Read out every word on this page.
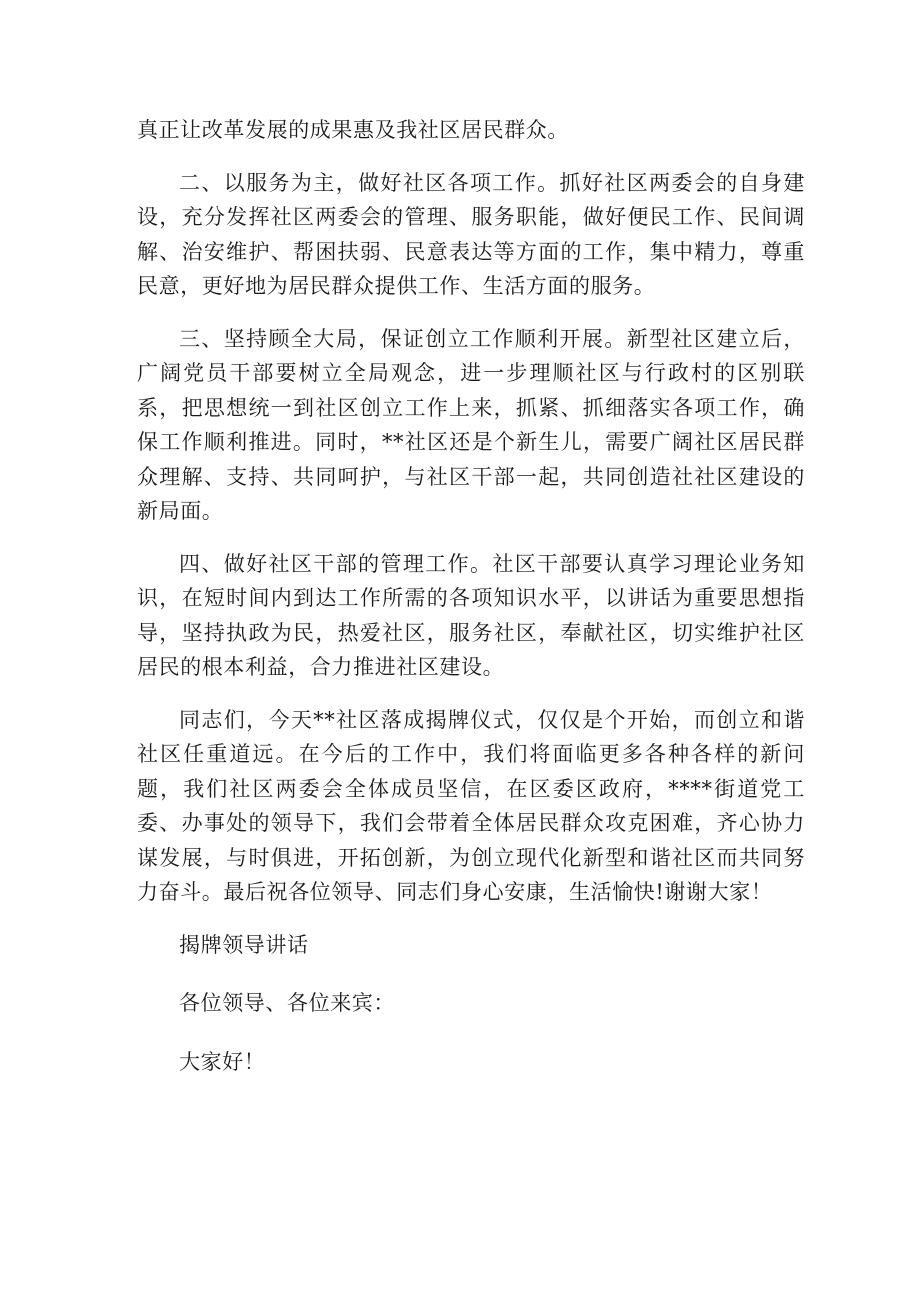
真正让改革发展的成果惠及我社区居民群众。

二、以服务为主，做好社区各项工作。抓好社区两委会的自身建设，充分发挥社区两委会的管理、服务职能，做好便民工作、民间调解、治安维护、帮困扶弱、民意表达等方面的工作，集中精力，尊重民意，更好地为居民群众提供工作、生活方面的服务。

三、坚持顾全大局，保证创立工作顺利开展。新型社区建立后，广阔党员干部要树立全局观念，进一步理顺社区与行政村的区别联系，把思想统一到社区创立工作上来，抓紧、抓细落实各项工作，确保工作顺利推进。同时，**社区还是个新生儿，需要广阔社区居民群众理解、支持、共同呵护，与社区干部一起，共同创造社社区建设的新局面。

四、做好社区干部的管理工作。社区干部要认真学习理论业务知识，在短时间内到达工作所需的各项知识水平，以讲话为重要思想指导，坚持执政为民，热爱社区，服务社区，奉献社区，切实维护社区居民的根本利益，合力推进社区建设。

同志们，今天**社区落成揭牌仪式，仅仅是个开始，而创立和谐社区任重道远。在今后的工作中，我们将面临更多各种各样的新问题，我们社区两委会全体成员坚信，在区委区政府，****街道党工委、办事处的领导下，我们会带着全体居民群众攻克困难，齐心协力谋发展，与时俱进，开拓创新，为创立现代化新型和谐社区而共同努力奋斗。最后祝各位领导、同志们身心安康，生活愉快!谢谢大家！

揭牌领导讲话

各位领导、各位来宾：

大家好！
